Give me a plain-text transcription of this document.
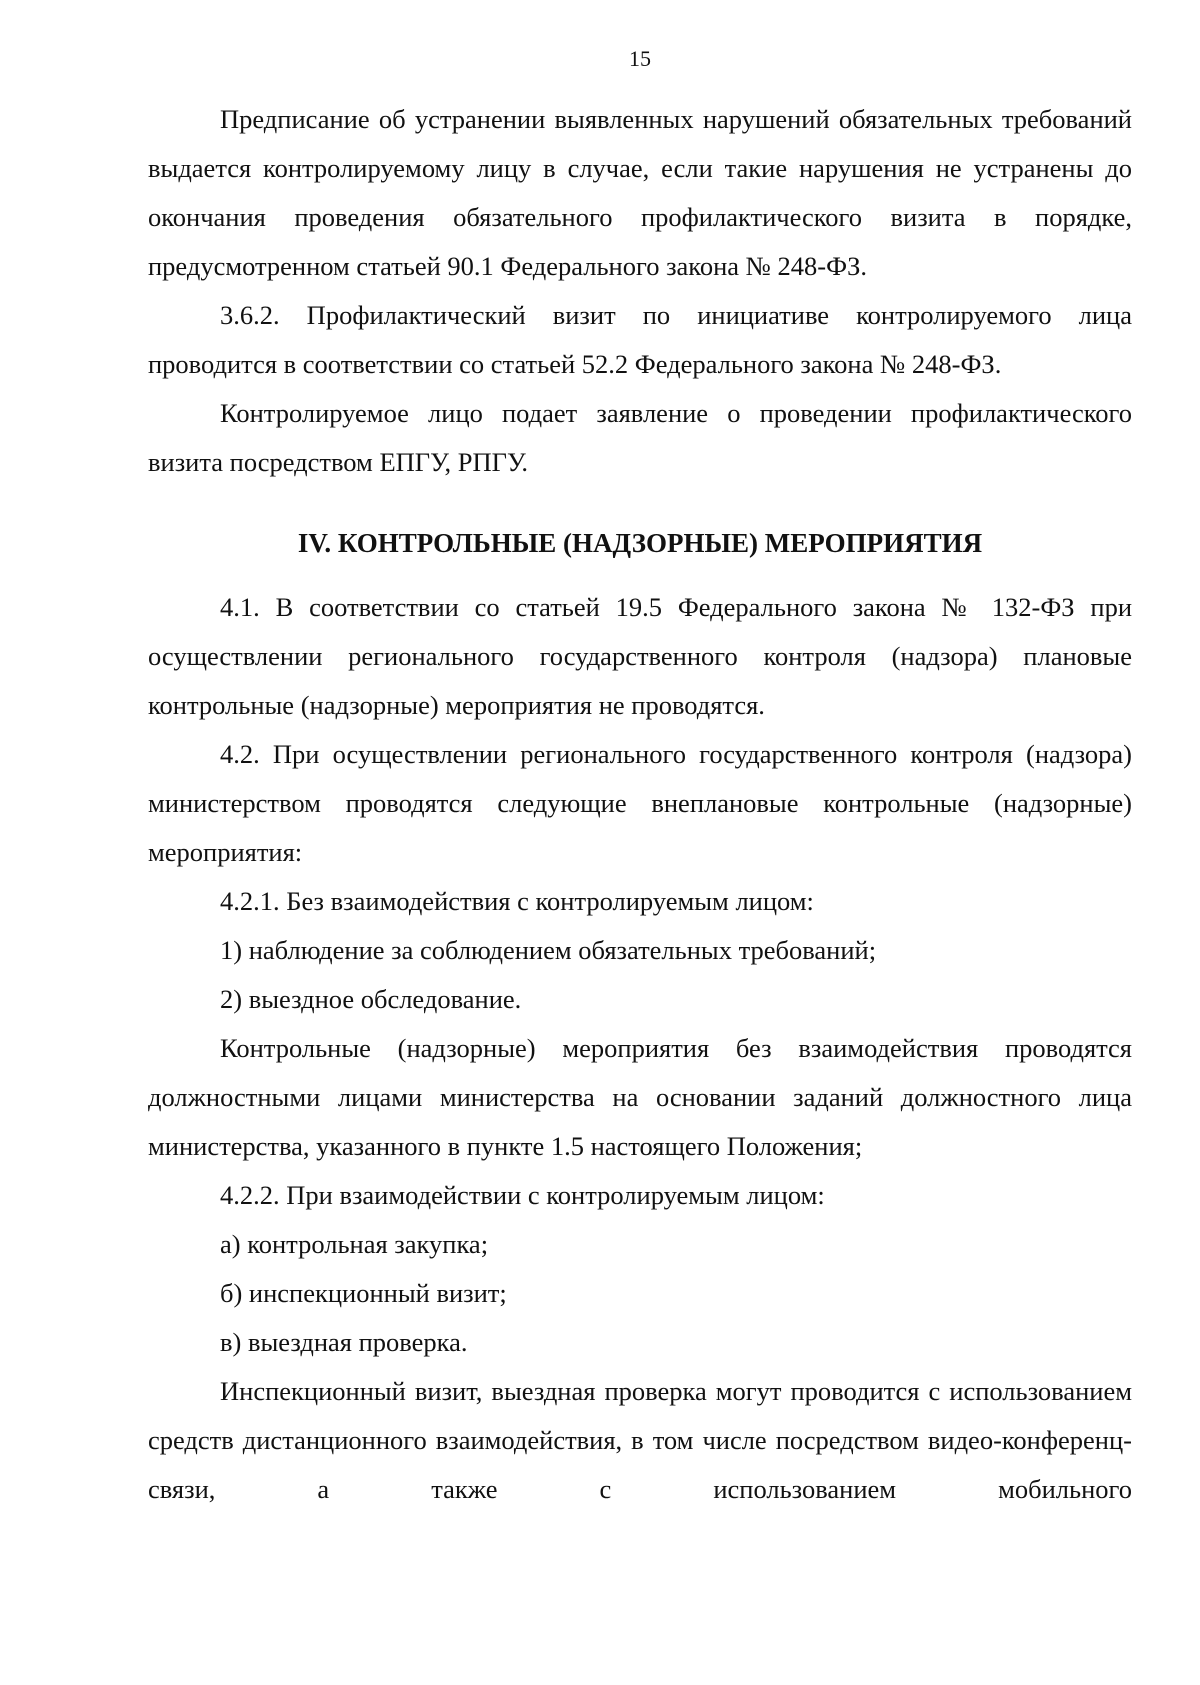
15

Предписание об устранении выявленных нарушений обязательных требований выдается контролируемому лицу в случае, если такие нарушения не устранены до окончания проведения обязательного профилактического визита в порядке, предусмотренном статьей 90.1 Федерального закона № 248-ФЗ.

3.6.2. Профилактический визит по инициативе контролируемого лица проводится в соответствии со статьей 52.2 Федерального закона № 248-ФЗ.

Контролируемое лицо подает заявление о проведении профилактического визита посредством ЕПГУ, РПГУ.

IV. КОНТРОЛЬНЫЕ (НАДЗОРНЫЕ) МЕРОПРИЯТИЯ

4.1. В соответствии со статьей 19.5 Федерального закона № 132-ФЗ при осуществлении регионального государственного контроля (надзора) плановые контрольные (надзорные) мероприятия не проводятся.

4.2. При осуществлении регионального государственного контроля (надзора) министерством проводятся следующие внеплановые контрольные (надзорные) мероприятия:

4.2.1. Без взаимодействия с контролируемым лицом:

1) наблюдение за соблюдением обязательных требований;

2) выездное обследование.

Контрольные (надзорные) мероприятия без взаимодействия проводятся должностными лицами министерства на основании заданий должностного лица министерства, указанного в пункте 1.5 настоящего Положения;

4.2.2. При взаимодействии с контролируемым лицом:

а) контрольная закупка;

б) инспекционный визит;

в) выездная проверка.

Инспекционный визит, выездная проверка могут проводится с использованием средств дистанционного взаимодействия, в том числе посредством видео-конференц-связи, а также с использованием мобильного
